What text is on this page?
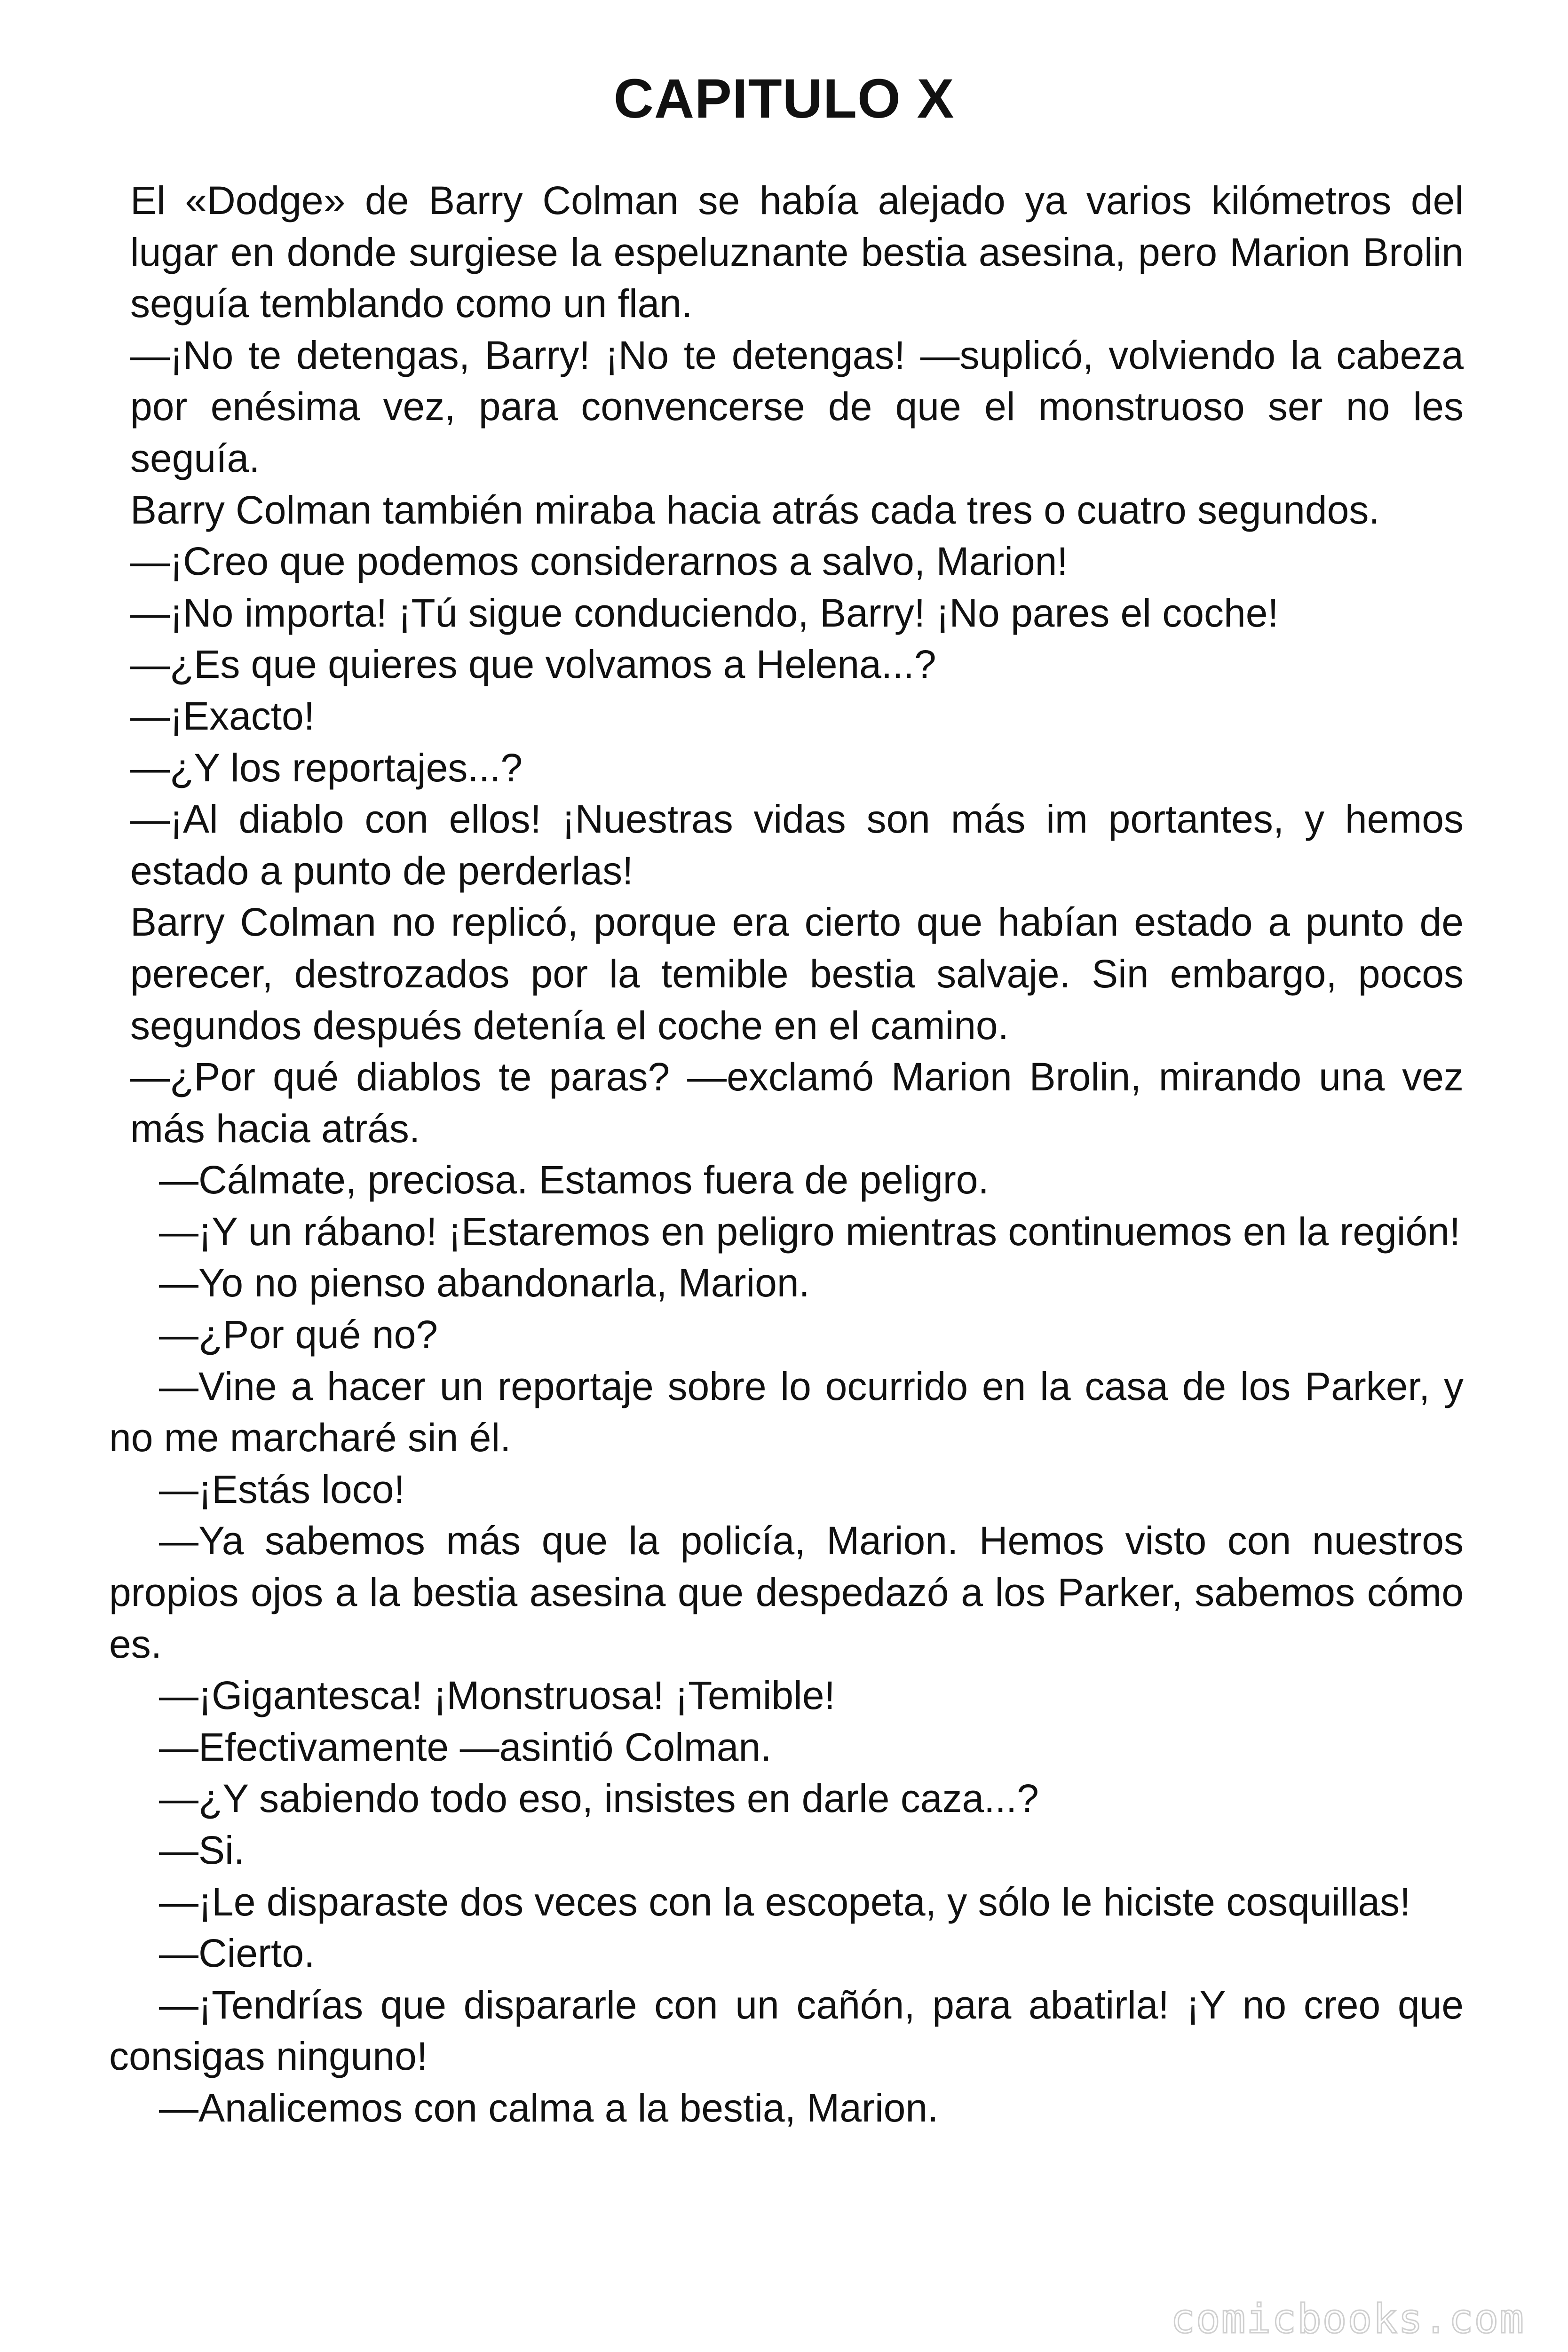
CAPITULO X

El «Dodge» de Barry Colman se había alejado ya varios kilómetros del lugar en donde surgiese la espeluznante bestia asesina, pero Marion Brolin seguía temblando como un flan.

—¡No te detengas, Barry! ¡No te detengas! —suplicó, volviendo la cabeza por enésima vez, para convencerse de que el monstruoso ser no les seguía.

Barry Colman también miraba hacia atrás cada tres o cuatro segundos.

—¡Creo que podemos considerarnos a salvo, Marion!

—¡No importa! ¡Tú sigue conduciendo, Barry! ¡No pares el coche!

—¿Es que quieres que volvamos a Helena...?

—¡Exacto!

—¿Y los reportajes...?

—¡Al diablo con ellos! ¡Nuestras vidas son más im portantes, y hemos estado a punto de perderlas!

Barry Colman no replicó, porque era cierto que habían estado a punto de perecer, destrozados por la temible bestia salvaje. Sin embargo, pocos segundos después detenía el coche en el camino.

—¿Por qué diablos te paras? —exclamó Marion Brolin, mirando una vez más hacia atrás.

—Cálmate, preciosa. Estamos fuera de peligro.

—¡Y un rábano! ¡Estaremos en peligro mientras continuemos en la región!

—Yo no pienso abandonarla, Marion.

—¿Por qué no?

—Vine a hacer un reportaje sobre lo ocurrido en la casa de los Parker, y no me marcharé sin él.

—¡Estás loco!

—Ya sabemos más que la policía, Marion. Hemos visto con nuestros propios ojos a la bestia asesina que despedazó a los Parker, sabemos cómo es.

—¡Gigantesca! ¡Monstruosa! ¡Temible!

—Efectivamente —asintió Colman.

—¿Y sabiendo todo eso, insistes en darle caza...?

—Si.

—¡Le disparaste dos veces con la escopeta, y sólo le hiciste cosquillas!

—Cierto.

—¡Tendrías que dispararle con un cañón, para abatirla! ¡Y no creo que consigas ninguno!

—Analicemos con calma a la bestia, Marion.

comicbooks.com
